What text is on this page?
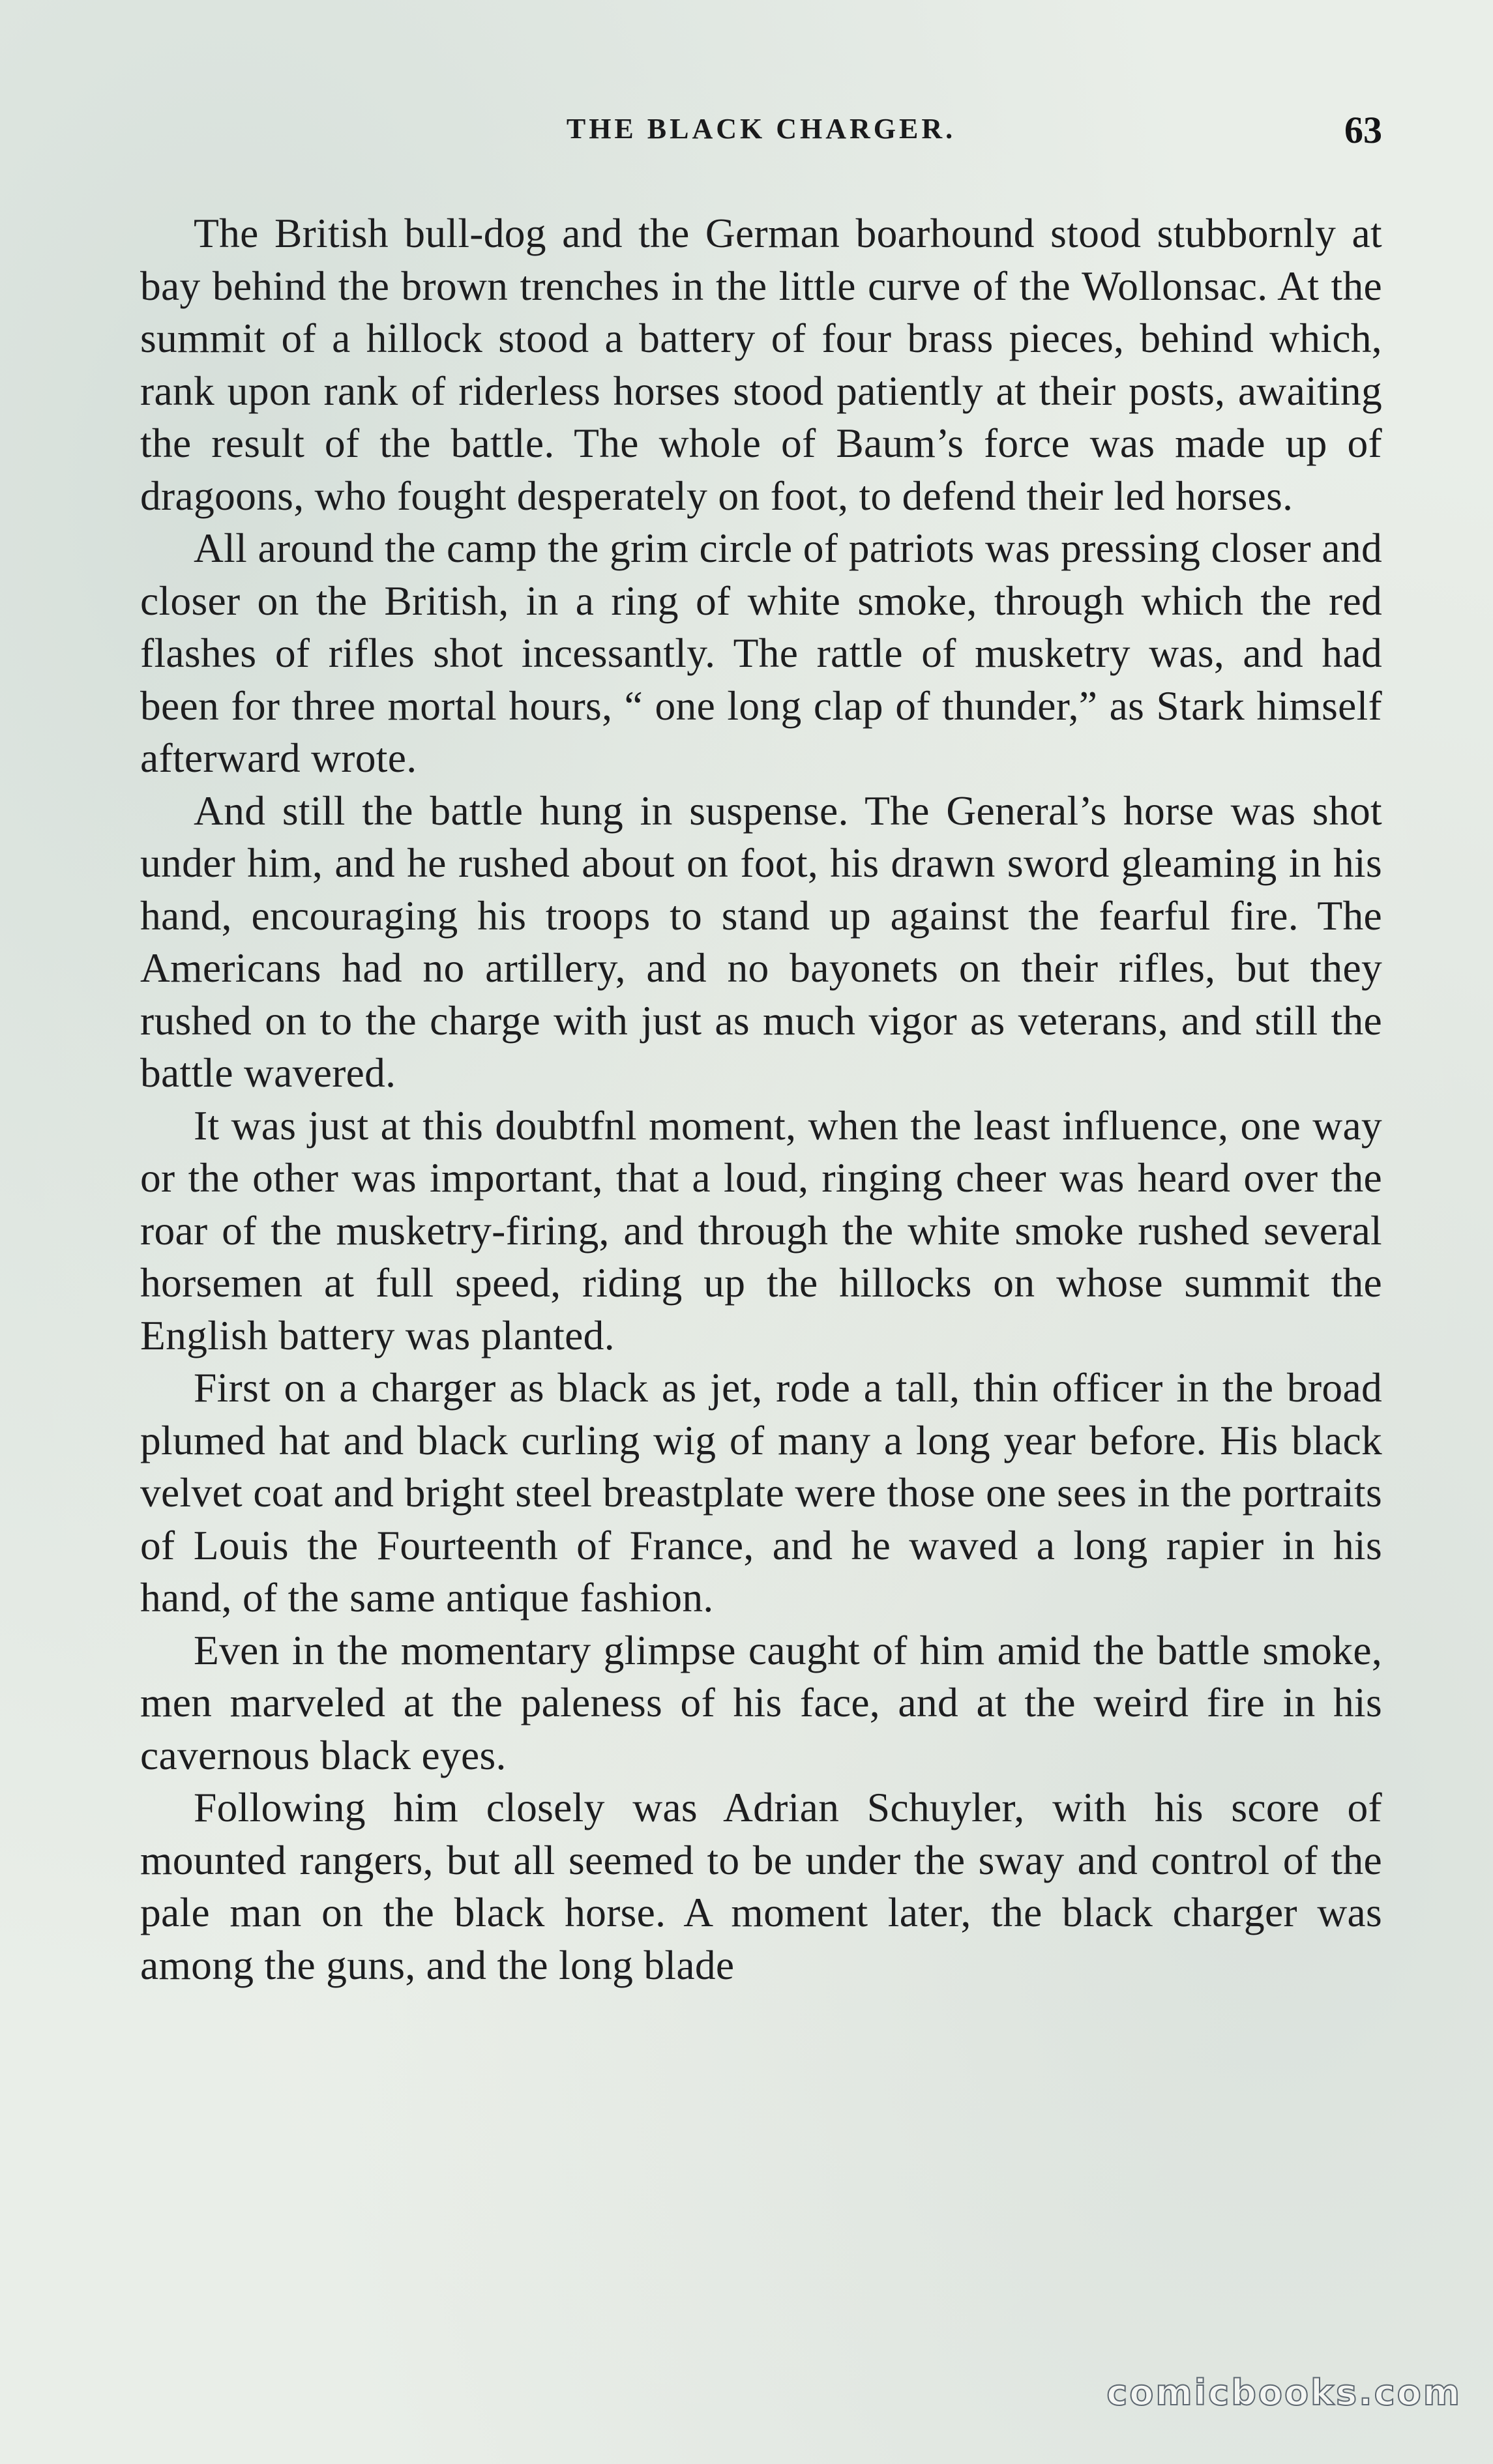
THE BLACK CHARGER.	63

The British bull-dog and the German boarhound stood stubbornly at bay behind the brown trenches in the little curve of the Wollonsac. At the summit of a hillock stood a battery of four brass pieces, behind which, rank upon rank of riderless horses stood patiently at their posts, awaiting the result of the battle. The whole of Baum’s force was made up of dragoons, who fought desperately on foot, to defend their led horses.

All around the camp the grim circle of patriots was pressing closer and closer on the British, in a ring of white smoke, through which the red flashes of rifles shot incessantly. The rattle of musketry was, and had been for three mortal hours, “ one long clap of thunder,” as Stark himself afterward wrote.

And still the battle hung in suspense. The General’s horse was shot under him, and he rushed about on foot, his drawn sword gleaming in his hand, encouraging his troops to stand up against the fearful fire. The Americans had no artillery, and no bayonets on their rifles, but they rushed on to the charge with just as much vigor as veterans, and still the battle wavered.

It was just at this doubtfnl moment, when the least influence, one way or the other was important, that a loud, ringing cheer was heard over the roar of the musketry-firing, and through the white smoke rushed several horsemen at full speed, riding up the hillocks on whose summit the English battery was planted.

First on a charger as black as jet, rode a tall, thin officer in the broad plumed hat and black curling wig of many a long year before. His black velvet coat and bright steel breastplate were those one sees in the portraits of Louis the Fourteenth of France, and he waved a long rapier in his hand, of the same antique fashion.

Even in the momentary glimpse caught of him amid the battle smoke, men marveled at the paleness of his face, and at the weird fire in his cavernous black eyes.

Following him closely was Adrian Schuyler, with his score of mounted rangers, but all seemed to be under the sway and control of the pale man on the black horse. A moment later, the black charger was among the guns, and the long blade

comicbooks.com
